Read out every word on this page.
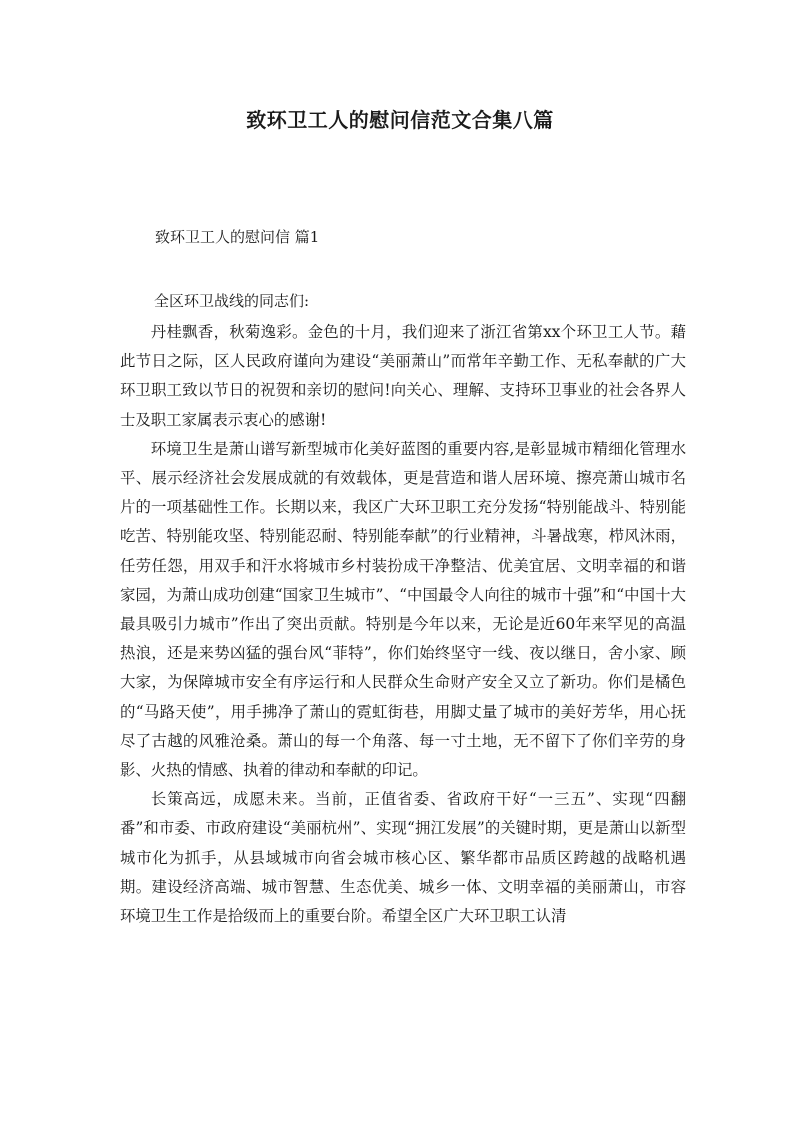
致环卫工人的慰问信范文合集八篇
致环卫工人的慰问信 篇1
全区环卫战线的同志们:

丹桂飘香，秋菊逸彩。金色的十月，我们迎来了浙江省第xx个环卫工人节。藉此节日之际，区人民政府谨向为建设“美丽萧山”而常年辛勤工作、无私奉献的广大环卫职工致以节日的祝贺和亲切的慰问!向关心、理解、支持环卫事业的社会各界人士及职工家属表示衷心的感谢!

环境卫生是萧山谱写新型城市化美好蓝图的重要内容,是彰显城市精细化管理水平、展示经济社会发展成就的有效载体，更是营造和谐人居环境、擦亮萧山城市名片的一项基础性工作。长期以来，我区广大环卫职工充分发扬“特别能战斗、特别能吃苦、特别能攻坚、特别能忍耐、特别能奉献”的行业精神，斗暑战寒，栉风沐雨，任劳任怨，用双手和汗水将城市乡村装扮成干净整洁、优美宜居、文明幸福的和谐家园，为萧山成功创建“国家卫生城市”、“中国最令人向往的城市十强”和“中国十大最具吸引力城市”作出了突出贡献。特别是今年以来，无论是近60年来罕见的高温热浪，还是来势凶猛的强台风“菲特”，你们始终坚守一线、夜以继日，舍小家、顾大家，为保障城市安全有序运行和人民群众生命财产安全又立了新功。你们是橘色的“马路天使”，用手拂净了萧山的霓虹街巷，用脚丈量了城市的美好芳华，用心抚尽了古越的风雅沧桑。萧山的每一个角落、每一寸土地，无不留下了你们辛劳的身影、火热的情感、执着的律动和奉献的印记。

长策高远，成愿未来。当前，正值省委、省政府干好“一三五”、实现“四翻番”和市委、市政府建设“美丽杭州”、实现“拥江发展”的关键时期，更是萧山以新型城市化为抓手，从县域城市向省会城市核心区、繁华都市品质区跨越的战略机遇期。建设经济高端、城市智慧、生态优美、城乡一体、文明幸福的美丽萧山，市容环境卫生工作是拾级而上的重要台阶。希望全区广大环卫职工认清
